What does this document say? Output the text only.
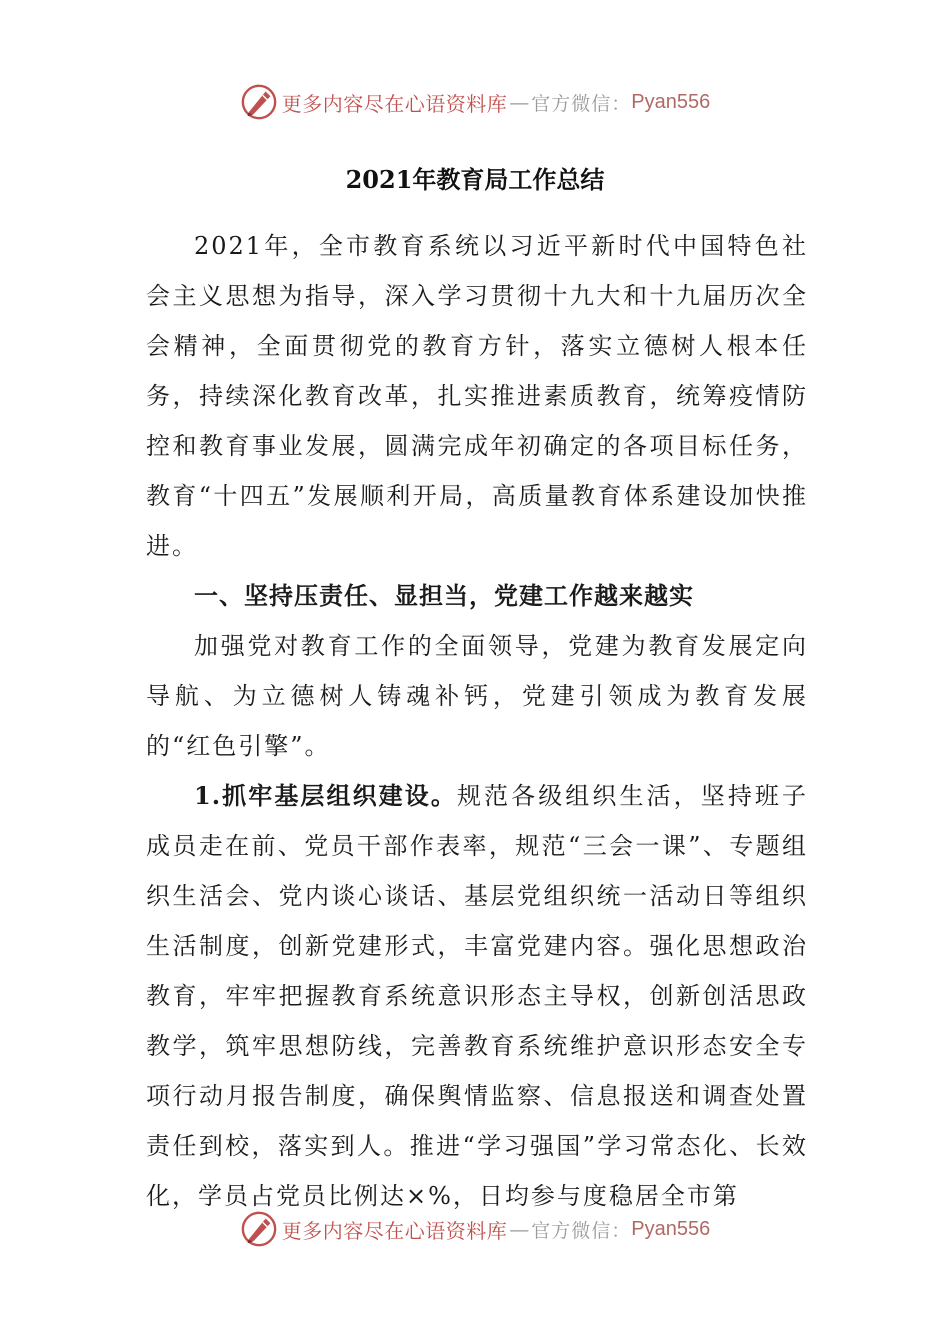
更多内容尽在心语资料库 — 官方微信： Pyan556
2021年教育局工作总结

2021年，全市教育系统以习近平新时代中国特色社会主义思想为指导，深入学习贯彻十九大和十九届历次全会精神，全面贯彻党的教育方针，落实立德树人根本任务，持续深化教育改革，扎实推进素质教育，统筹疫情防控和教育事业发展，圆满完成年初确定的各项目标任务，教育“十四五”发展顺利开局，高质量教育体系建设加快推进。

一、坚持压责任、显担当，党建工作越来越实

加强党对教育工作的全面领导，党建为教育发展定向导航、为立德树人铸魂补钙，党建引领成为教育发展的“红色引擎”。

1.抓牢基层组织建设。规范各级组织生活，坚持班子成员走在前、党员干部作表率，规范“三会一课”、专题组织生活会、党内谈心谈话、基层党组织统一活动日等组织生活制度，创新党建形式，丰富党建内容。强化思想政治教育，牢牢把握教育系统意识形态主导权，创新创活思政教学，筑牢思想防线，完善教育系统维护意识形态安全专项行动月报告制度，确保舆情监察、信息报送和调查处置责任到校，落实到人。推进“学习强国”学习常态化、长效化，学员占党员比例达×%，日均参与度稳居全市第

更多内容尽在心语资料库 — 官方微信： Pyan556
